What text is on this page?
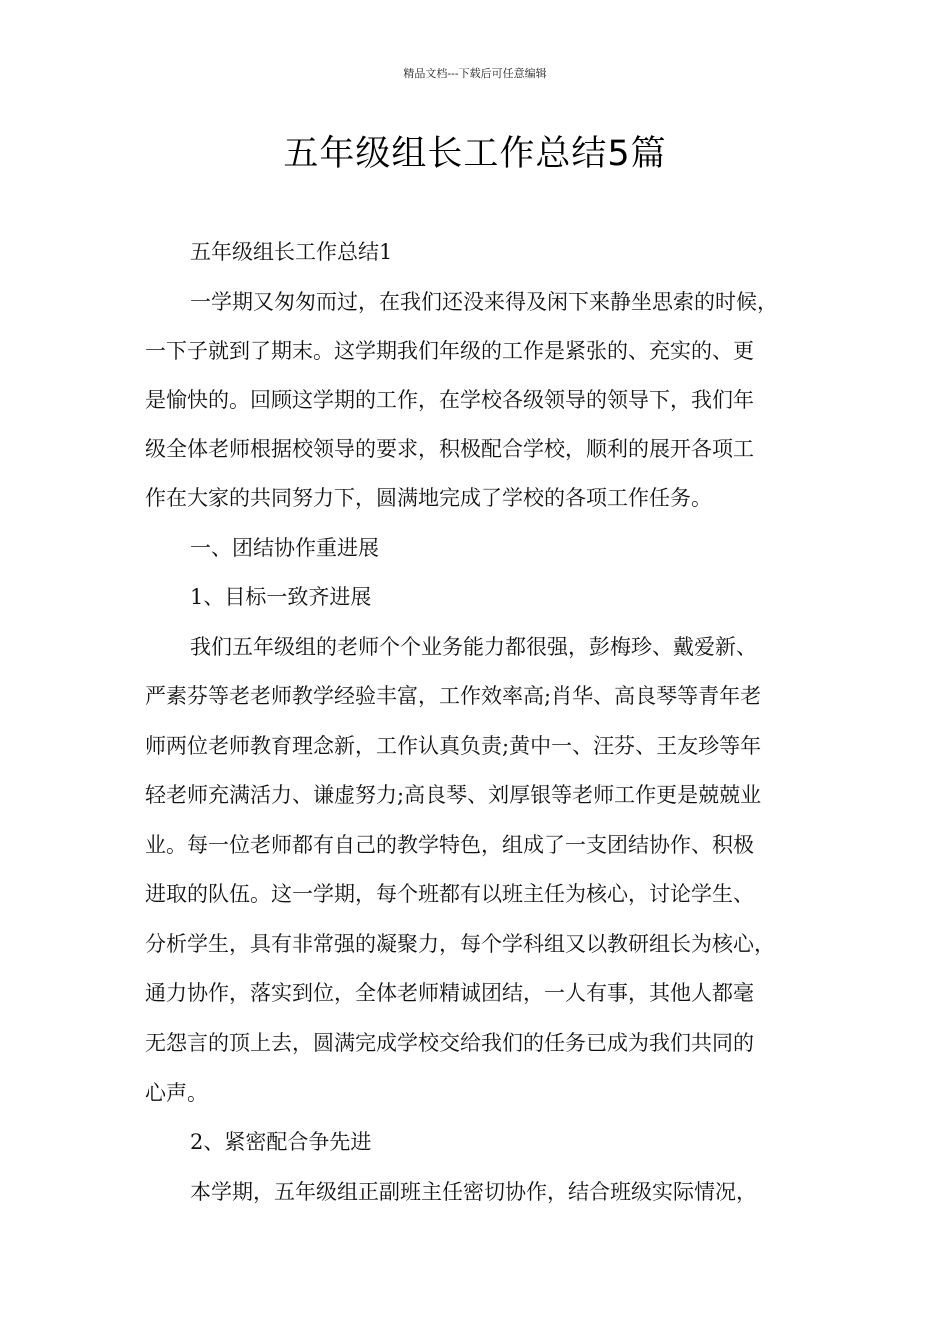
精品文档---下载后可任意编辑
五年级组长工作总结5篇
五年级组长工作总结1
一学期又匆匆而过，在我们还没来得及闲下来静坐思索的时候，
一下子就到了期末。这学期我们年级的工作是紧张的、充实的、更
是愉快的。回顾这学期的工作，在学校各级领导的领导下，我们年
级全体老师根据校领导的要求，积极配合学校，顺利的展开各项工
作在大家的共同努力下，圆满地完成了学校的各项工作任务。
一、团结协作重进展
1、目标一致齐进展
我们五年级组的老师个个业务能力都很强，彭梅珍、戴爱新、
严素芬等老老师教学经验丰富，工作效率高;肖华、高良琴等青年老
师两位老师教育理念新，工作认真负责;黄中一、汪芬、王友珍等年
轻老师充满活力、谦虚努力;高良琴、刘厚银等老师工作更是兢兢业
业。每一位老师都有自己的教学特色，组成了一支团结协作、积极
进取的队伍。这一学期，每个班都有以班主任为核心，讨论学生、
分析学生，具有非常强的凝聚力，每个学科组又以教研组长为核心，
通力协作，落实到位，全体老师精诚团结，一人有事，其他人都毫
无怨言的顶上去，圆满完成学校交给我们的任务已成为我们共同的
心声。
2、紧密配合争先进
本学期，五年级组正副班主任密切协作，结合班级实际情况，
